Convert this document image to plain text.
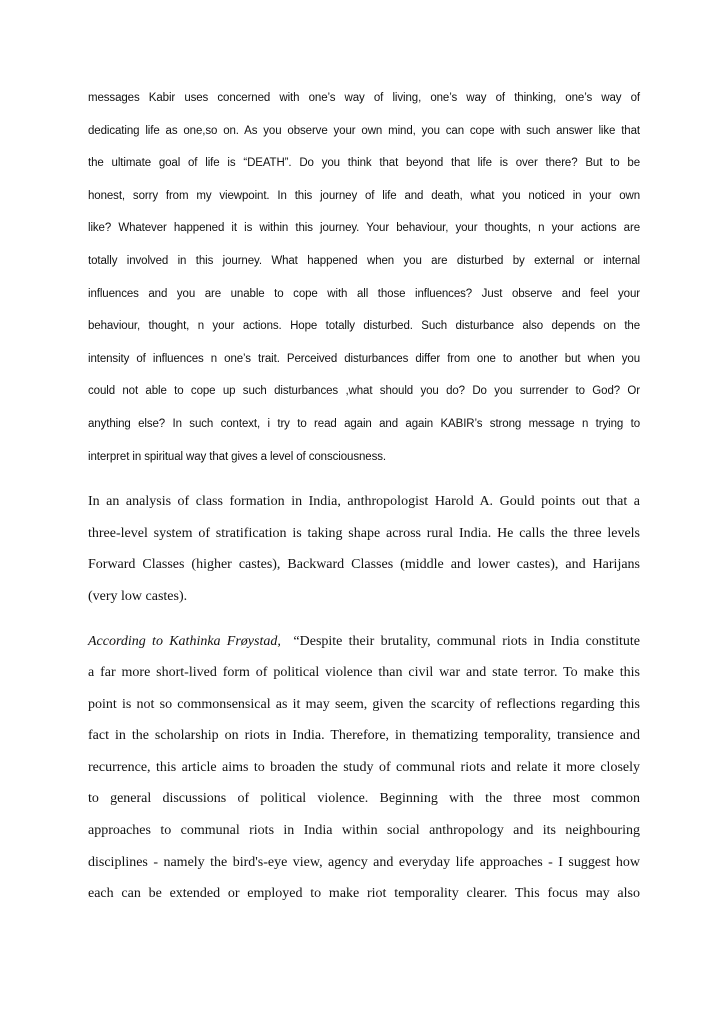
messages Kabir uses concerned with one’s way of living, one’s way of thinking, one’s way of
dedicating life as one,so on. As you observe your own mind, you can cope with such answer like that
the ultimate goal of life is “DEATH”. Do you think that beyond that life is over there? But to be
honest, sorry from my viewpoint. In this journey of life and death, what you noticed in your own
like? Whatever happened it is within this journey. Your behaviour, your thoughts, n your actions are
totally involved in this journey. What happened when you are disturbed by external or internal
influences and you are unable to cope with all those influences? Just observe and feel your
behaviour, thought, n your actions. Hope totally disturbed. Such disturbance also depends on the
intensity of influences n one’s trait. Perceived disturbances differ from one to another but when you
could not able to cope up such disturbances ,what should you do? Do you surrender to God? Or
anything else? In such context, i try to read again and again KABIR’s strong message n trying to
interpret in spiritual way that gives a level of consciousness.
In an analysis of class formation in India, anthropologist Harold A. Gould points out that a
three-level system of stratification is taking shape across rural India. He calls the three levels
Forward Classes (higher castes), Backward Classes (middle and lower castes), and Harijans
(very low castes).
According to Kathinka Frøystad, “Despite their brutality, communal riots in India constitute
a far more short-lived form of political violence than civil war and state terror. To make this
point is not so commonsensical as it may seem, given the scarcity of reflections regarding this
fact in the scholarship on riots in India. Therefore, in thematizing temporality, transience and
recurrence, this article aims to broaden the study of communal riots and relate it more closely
to general discussions of political violence. Beginning with the three most common
approaches to communal riots in India within social anthropology and its neighbouring
disciplines - namely the bird's-eye view, agency and everyday life approaches - I suggest how
each can be extended or employed to make riot temporality clearer. This focus may also
